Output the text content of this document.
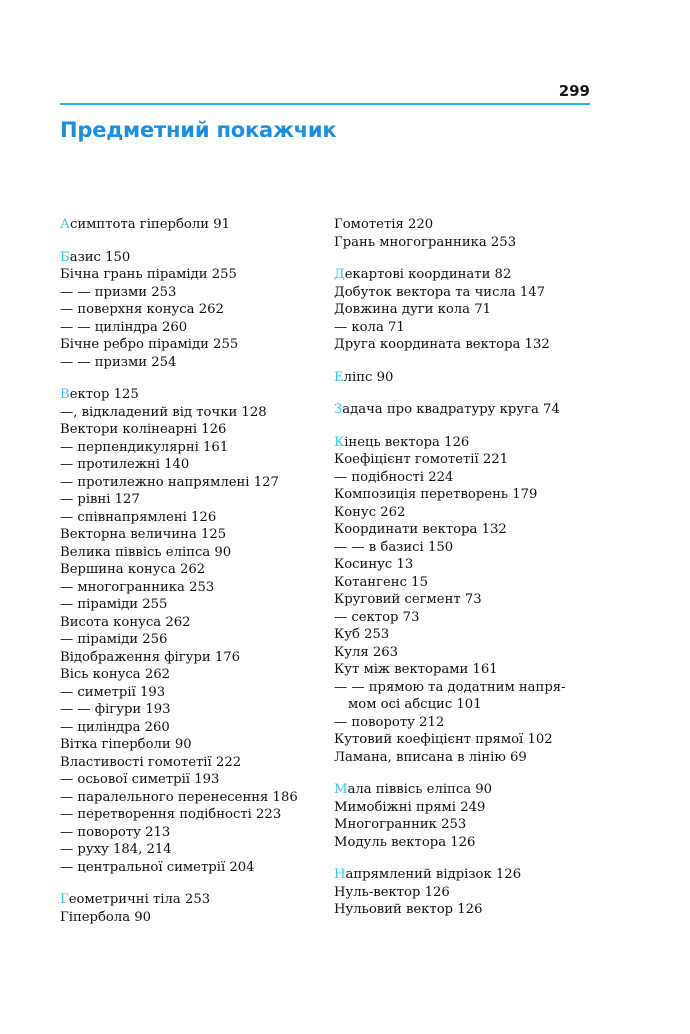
299
Предметний покажчик
Асимптота гіперболи 91
Базис 150
Бічна грань піраміди 255
— — призми 253
— поверхня конуса 262
— — циліндра 260
Бічне ребро піраміди 255
— — призми 254
Вектор 125
—, відкладений від точки 128
Вектори колінеарні 126
— перпендикулярні 161
— протилежні 140
— протилежно напрямлені 127
— рівні 127
— співнапрямлені 126
Векторна величина 125
Велика піввісь еліпса 90
Вершина конуса 262
— многогранника 253
— піраміди 255
Висота конуса 262
— піраміди 256
Відображення фігури 176
Вісь конуса 262
— симетрії 193
— — фігури 193
— циліндра 260
Вітка гіперболи 90
Властивості гомотетії 222
— осьової симетрії 193
— паралельного перенесення 186
— перетворення подібності 223
— повороту 213
— руху 184, 214
— центральної симетрії 204
Геометричні тіла 253
Гіпербола 90
Гомотетія 220
Грань многогранника 253
Декартові координати 82
Добуток вектора та числа 147
Довжина дуги кола 71
— кола 71
Друга координата вектора 132
Еліпс 90
Задача про квадратуру круга 74
Кінець вектора 126
Коефіцієнт гомотетії 221
— подібності 224
Композиція перетворень 179
Конус 262
Координати вектора 132
— — в базисі 150
Косинус 13
Котангенс 15
Круговий сегмент 73
— сектор 73
Куб 253
Куля 263
Кут між векторами 161
— — прямою та додатним напря-
мом осі абсцис 101
— повороту 212
Кутовий коефіцієнт прямої 102
Ламана, вписана в лінію 69
Мала піввісь еліпса 90
Мимобіжні прямі 249
Многогранник 253
Модуль вектора 126
Напрямлений відрізок 126
Нуль-вектор 126
Нульовий вектор 126
